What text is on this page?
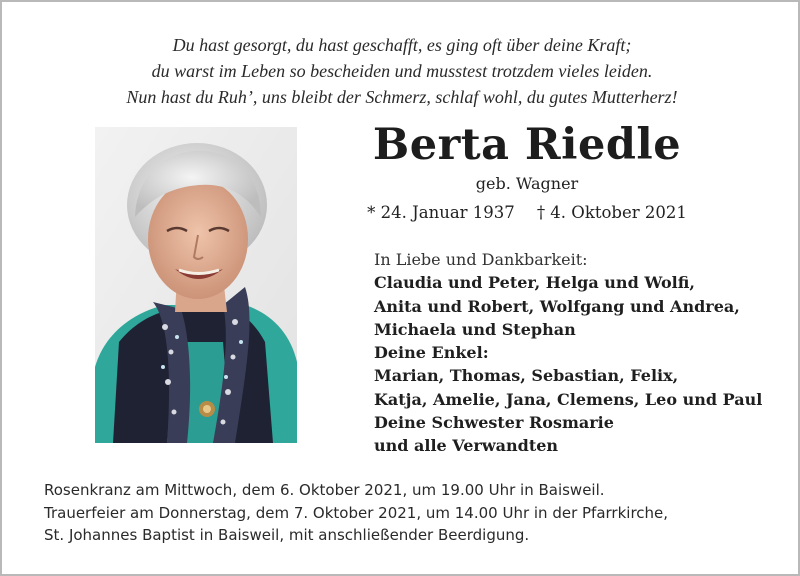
Du hast gesorgt, du hast geschafft, es ging oft über deine Kraft;
du warst im Leben so bescheiden und musstest trotzdem vieles leiden.
Nun hast du Ruh’, uns bleibt der Schmerz, schlaf wohl, du gutes Mutterherz!
Berta Riedle
geb. Wagner
* 24. Januar 1937 † 4. Oktober 2021
In Liebe und Dankbarkeit:
Claudia und Peter, Helga und Wolfi,
Anita und Robert, Wolfgang und Andrea,
Michaela und Stephan
Deine Enkel:
Marian, Thomas, Sebastian, Felix,
Katja, Amelie, Jana, Clemens, Leo und Paul
Deine Schwester Rosmarie
und alle Verwandten
Rosenkranz am Mittwoch, dem 6. Oktober 2021, um 19.00 Uhr in Baisweil.
Trauerfeier am Donnerstag, dem 7. Oktober 2021, um 14.00 Uhr in der Pfarrkirche,
St. Johannes Baptist in Baisweil, mit anschließender Beerdigung.
